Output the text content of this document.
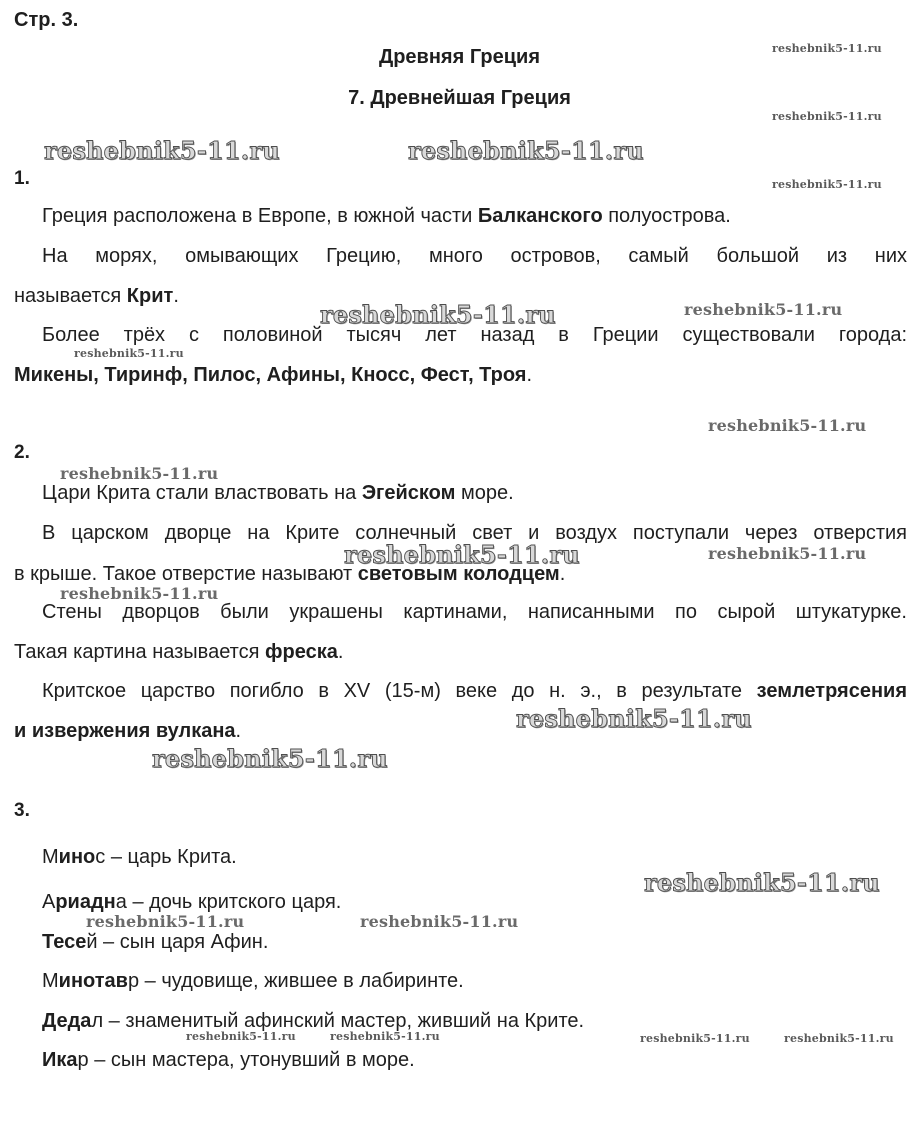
Стр. 3.
Древняя Греция
7. Древнейшая Греция
1.
Греция расположена в Европе, в южной части Балканского полуострова.
На морях, омывающих Грецию, много островов, самый большой из них
называется Крит.
Более трёх с половиной тысяч лет назад в Греции существовали города:
Микены, Тиринф, Пилос, Афины, Кносс, Фест, Троя.
2.
Цари Крита стали властвовать на Эгейском море.
В царском дворце на Крите солнечный свет и воздух поступали через отверстия
в крыше. Такое отверстие называют световым колодцем.
Стены дворцов были украшены картинами, написанными по сырой штукатурке.
Такая картина называется фреска.
Критское царство погибло в XV (15-м) веке до н. э., в результате землетрясения
и извержения вулкана.
3.
Минос – царь Крита.
Ариадна – дочь критского царя.
Тесей – сын царя Афин.
Минотавр – чудовище, жившее в лабиринте.
Дедал – знаменитый афинский мастер, живший на Крите.
Икар – сын мастера, утонувший в море.
reshebnik5-11.ru
reshebnik5-11.ru
reshebnik5-11.ru	reshebnik5-11.ru
reshebnik5-11.ru
reshebnik5-11.ru	reshebnik5-11.ru
reshebnik5-11.ru
reshebnik5-11.ru
reshebnik5-11.ru
reshebnik5-11.ru	reshebnik5-11.ru
reshebnik5-11.ru
reshebnik5-11.ru
reshebnik5-11.ru
reshebnik5-11.ru
reshebnik5-11.ru	reshebnik5-11.ru
reshebnik5-11.ru	reshebnik5-11.ru	reshebnik5-11.ru	reshebnik5-11.ru
